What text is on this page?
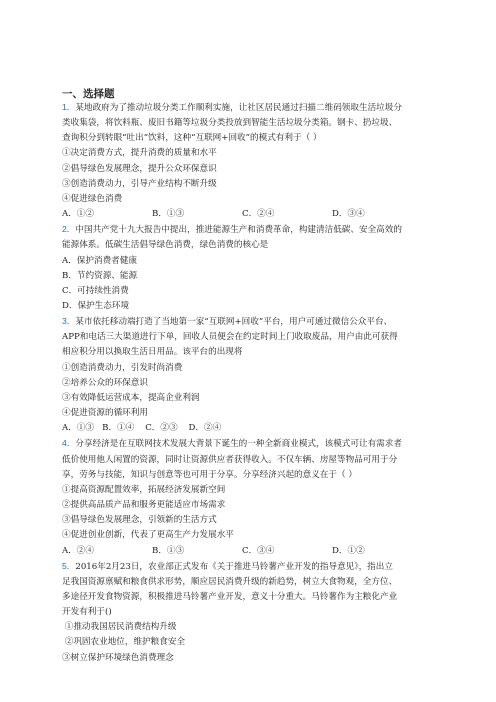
一、选择题
1．某地政府为了推动垃圾分类工作顺利实施，让社区居民通过扫描二维码领取生活垃圾分
类收集袋，将饮料瓶、废旧书籍等垃圾分类投放到智能生活垃圾分类箱。钢卡、扔垃圾、
查询积分到转眼“吐出”饮料，这种“互联网+回收”的模式有利于（ ）
①决定消费方式，提升消费的质量和水平
②倡导绿色发展理念，提升公众环保意识
③创造消费动力，引导产业结构不断升级
④促进绿色消费
A．①②	B．①③	C．②④	D．③④
2．中国共产党十九大报告中提出，推进能源生产和消费革命，构建清洁低碳、安全高效的
能源体系。低碳生活倡导绿色消费，绿色消费的核心是
A．保护消费者健康
B．节约资源、能源
C．可持续性消费
D．保护生态环境
3．某市依托移动端打造了当地第一家“互联网+回收”平台，用户可通过微信公众平台、
APP和电话三大渠道进行下单，回收人员便会在约定时间上门收取废品，用户由此可获得
相应积分用以换取生活日用品。该平台的出现将
①创造消费动力，引发时尚消费
②培养公众的环保意识
③有效降低运营成本，提高企业利润
④促进资源的循环利用
A．①③   B．①④    C．②③    D．②④
4．分享经济是在互联网技术发展大背景下诞生的一种全新商业模式，该模式可让有需求者
低价使用他人闲置的资源，同时让资源供应者获得收入。不仅车辆、房屋等物品可用于分
享，劳务与技能，知识与创意等也可用于分享。分享经济兴起的意义在于（ ）
①提高资源配置效率，拓展经济发展新空间
②提供高品质产品和服务更能适应市场需求
③倡导绿色发展理念，引领新的生活方式
④促进创业创新，代表了更高生产力发展水平
A．②④	B．①③	C．③④	D．①②
5．2016年2月23日，农业部正式发布《关于推进马铃薯产业开发的指导意见》，指出立
足我国资源禀赋和粮食供求形势，顺应居民消费升级的新趋势，树立大食物观，全方位、
多途径开发食物资源，积极推进马铃薯产业开发，意义十分重大。马铃薯作为主粮化产业
开发有利于()
①推动我国居民消费结构升级
②巩固农业地位，维护粮食安全
③树立保护环境绿色消费理念
